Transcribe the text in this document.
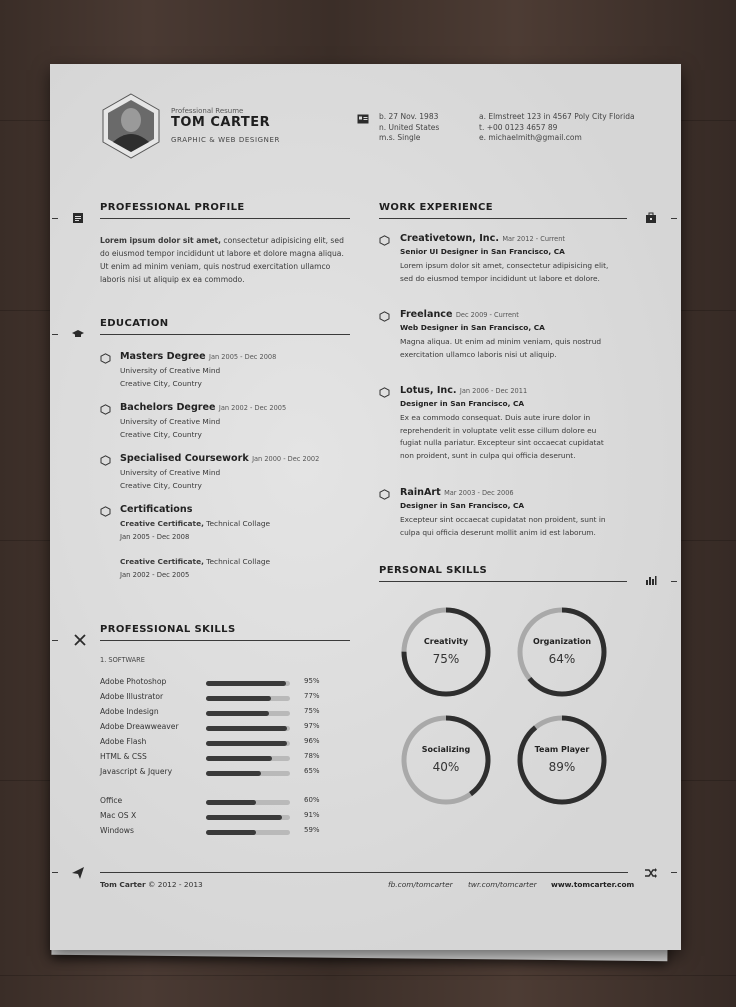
Professional Resume
TOM CARTER
GRAPHIC & WEB DESIGNER
b. 27 Nov. 1983
n. United States
m.s. Single
a. Elmstreet 123 in 4567 Poly City Florida
t. +00 0123 4657 89
e. michaelmith@gmail.com
PROFESSIONAL PROFILE
Lorem ipsum dolor sit amet, consectetur adipisicing elit, sed do eiusmod tempor incididunt ut labore et dolore magna aliqua. Ut enim ad minim veniam, quis nostrud exercitation ullamco laboris nisi ut aliquip ex ea commodo.
EDUCATION
Masters Degree Jan 2005 - Dec 2008
University of Creative Mind
Creative City, Country
Bachelors Degree Jan 2002 - Dec 2005
University of Creative Mind
Creative City, Country
Specialised Coursework Jan 2000 - Dec 2002
University of Creative Mind
Creative City, Country
Certifications
Creative Certificate, Technical Collage
Jan 2005 - Dec 2008
Creative Certificate, Technical Collage
Jan 2002 - Dec 2005
PROFESSIONAL SKILLS
1. SOFTWARE
Adobe Photoshop	95%
Adobe Illustrator	77%
Adobe Indesign	75%
Adobe Dreawweaver	97%
Adobe Flash	96%
HTML & CSS	78%
Javascript & Jquery	65%
Office	60%
Mac OS X	91%
Windows	59%
WORK EXPERIENCE
Creativetown, Inc. Mar 2012 - Current
Senior UI Designer in San Francisco, CA
Lorem ipsum dolor sit amet, consectetur adipisicing elit,
sed do eiusmod tempor incididunt ut labore et dolore.
Freelance Dec 2009 - Current
Web Designer in San Francisco, CA
Magna aliqua. Ut enim ad minim veniam, quis nostrud
exercitation ullamco laboris nisi ut aliquip.
Lotus, Inc. Jan 2006 - Dec 2011
Designer in San Francisco, CA
Ex ea commodo consequat. Duis aute irure dolor in
reprehenderit in voluptate velit esse cillum dolore eu
fugiat nulla pariatur. Excepteur sint occaecat cupidatat
non proident, sunt in culpa qui officia deserunt.
RainArt Mar 2003 - Dec 2006
Designer in San Francisco, CA
Excepteur sint occaecat cupidatat non proident, sunt in
culpa qui officia deserunt mollit anim id est laborum.
PERSONAL SKILLS
Creativity
75%
Organization
64%
Socializing
40%
Team Player
89%
Tom Carter © 2012 - 2013	fb.com/tomcarter twr.com/tomcarter www.tomcarter.com
